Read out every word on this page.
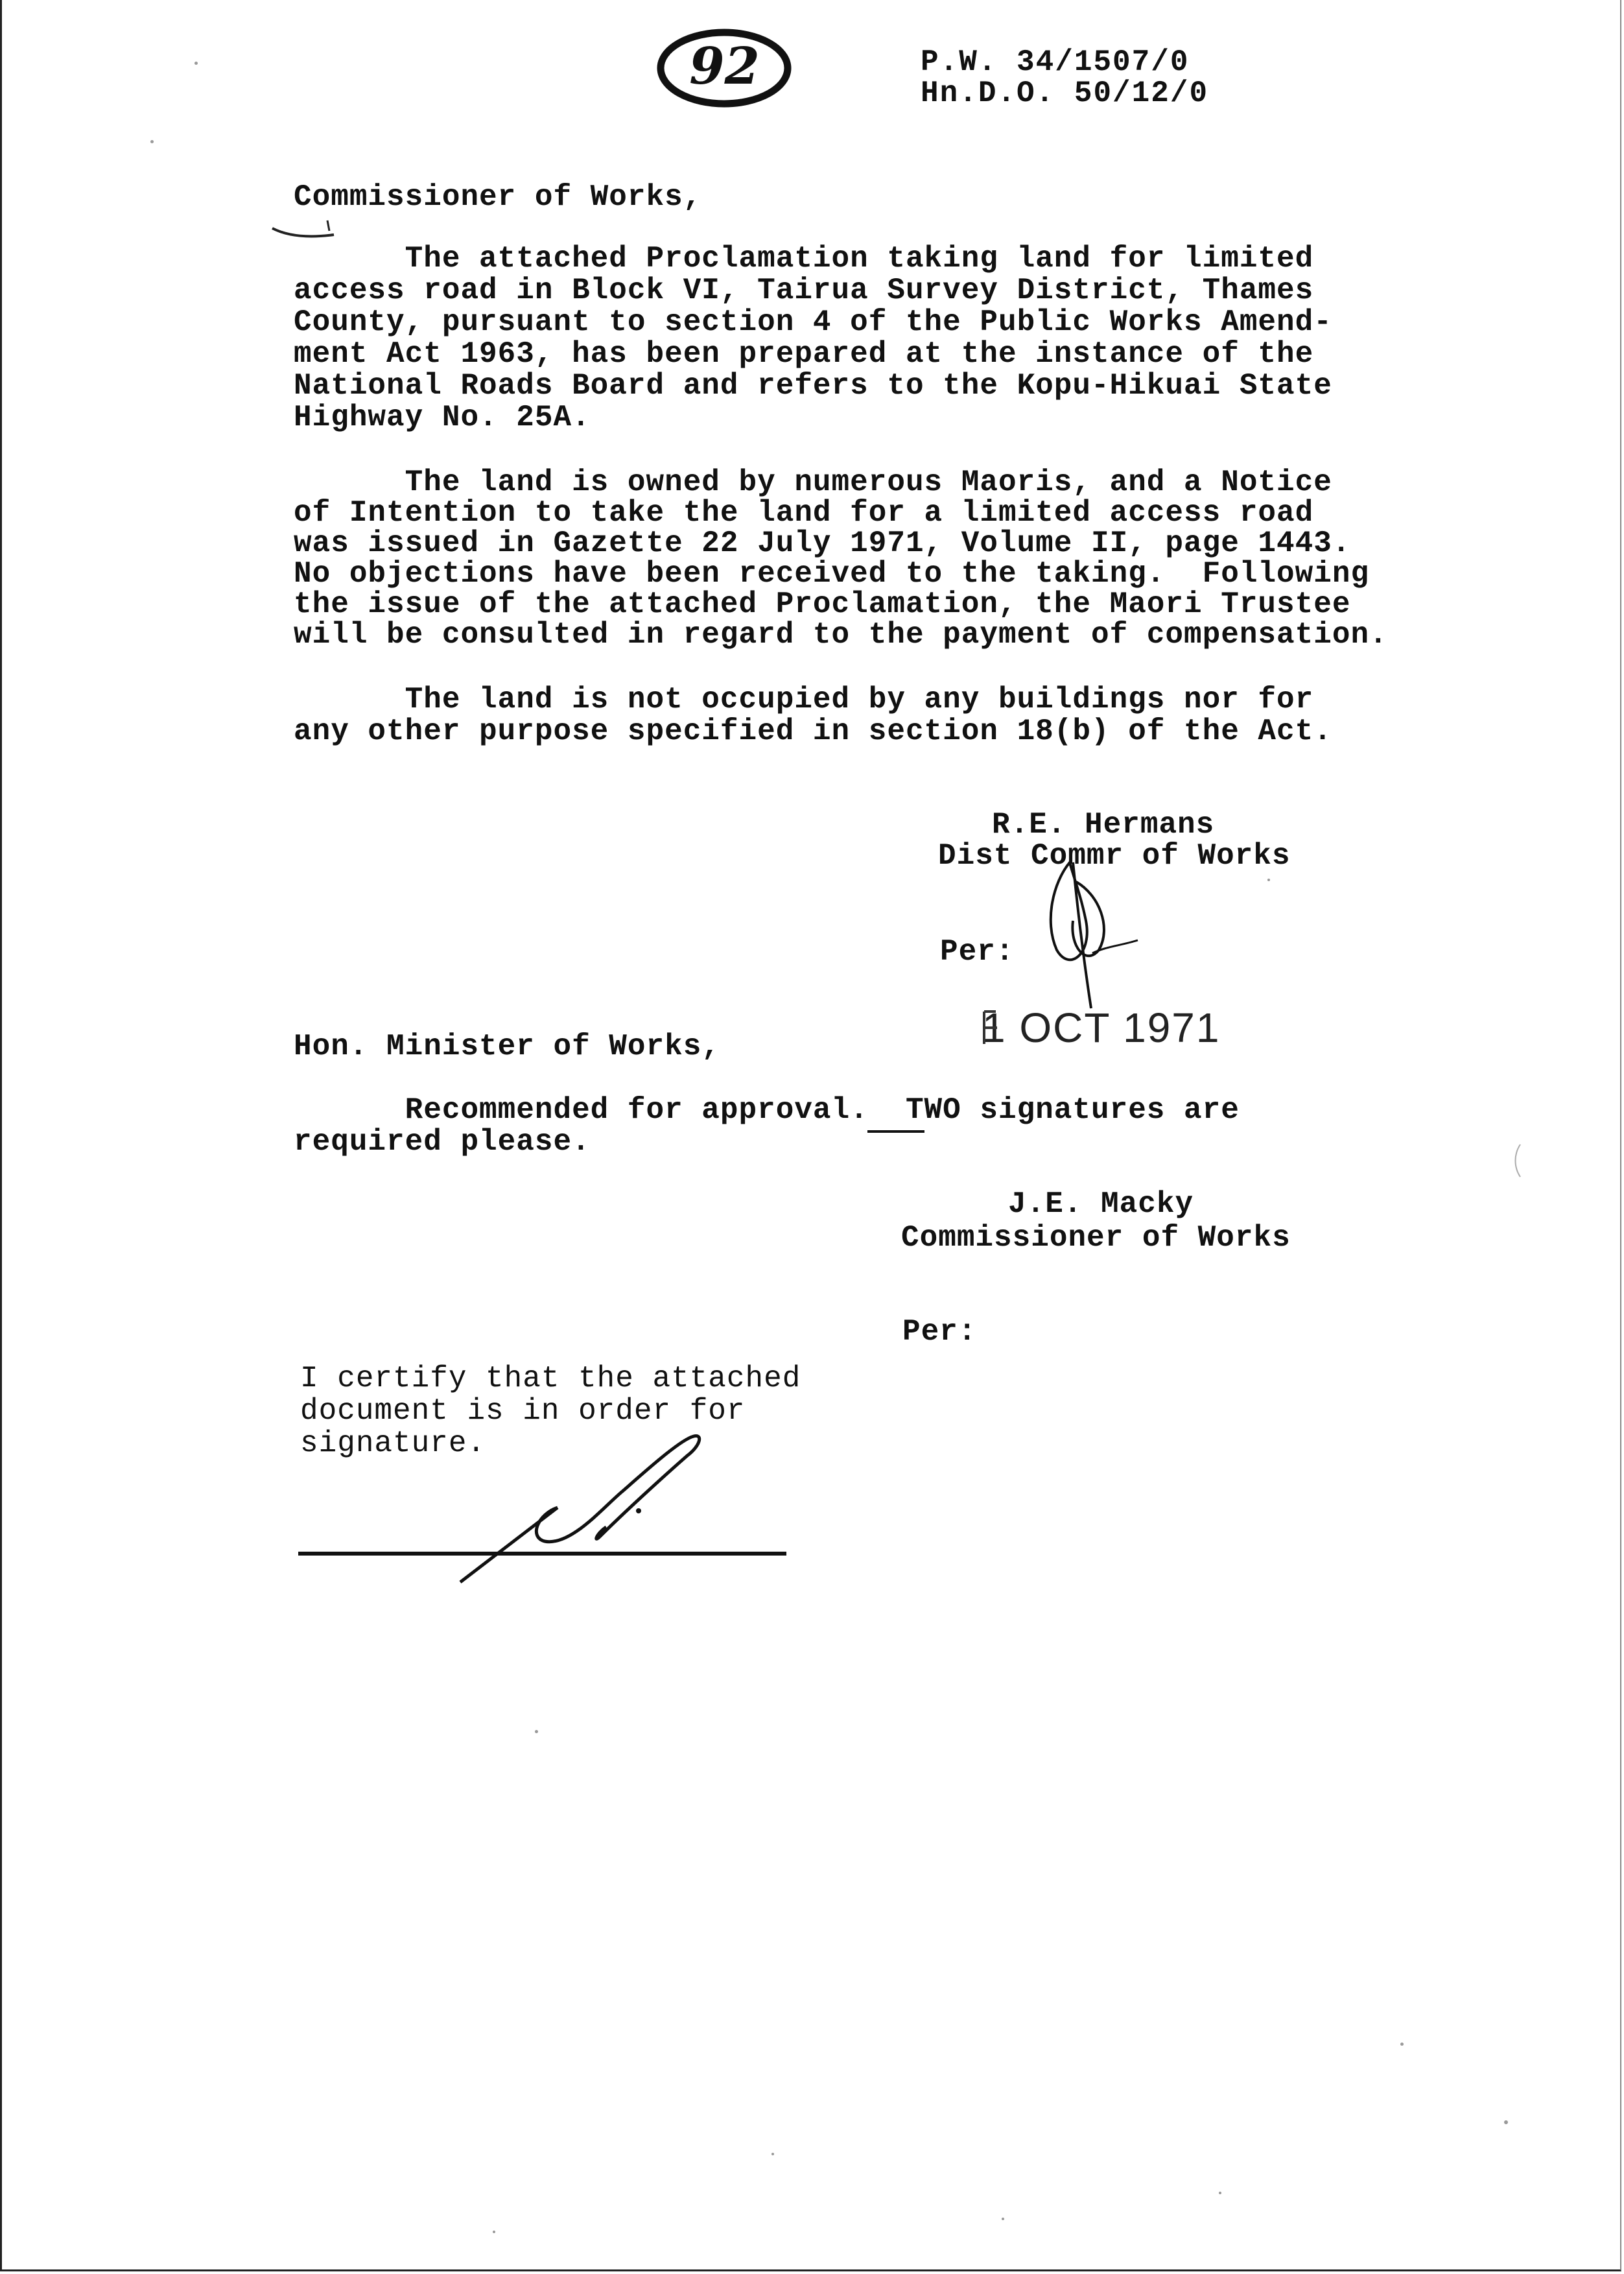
92	P.W. 34/1507/0
Hn.D.O. 50/12/0
Commissioner of Works,
The attached Proclamation taking land for limited
access road in Block VI, Tairua Survey District, Thames
County, pursuant to section 4 of the Public Works Amend-
ment Act 1963, has been prepared at the instance of the
National Roads Board and refers to the Kopu-Hikuai State
Highway No. 25A.
The land is owned by numerous Maoris, and a Notice
of Intention to take the land for a limited access road
was issued in Gazette 22 July 1971, Volume II, page 1443.
No objections have been received to the taking.  Following
the issue of the attached Proclamation, the Maori Trustee
will be consulted in regard to the payment of compensation.
The land is not occupied by any buildings nor for
any other purpose specified in section 18(b) of the Act.
R.E. Hermans
Dist Commr of Works
Per:
1 OCT 1971
Hon. Minister of Works,
Recommended for approval.  TWO signatures are
required please.
J.E. Macky
Commissioner of Works
Per:
I certify that the attached
document is in order for
signature.
